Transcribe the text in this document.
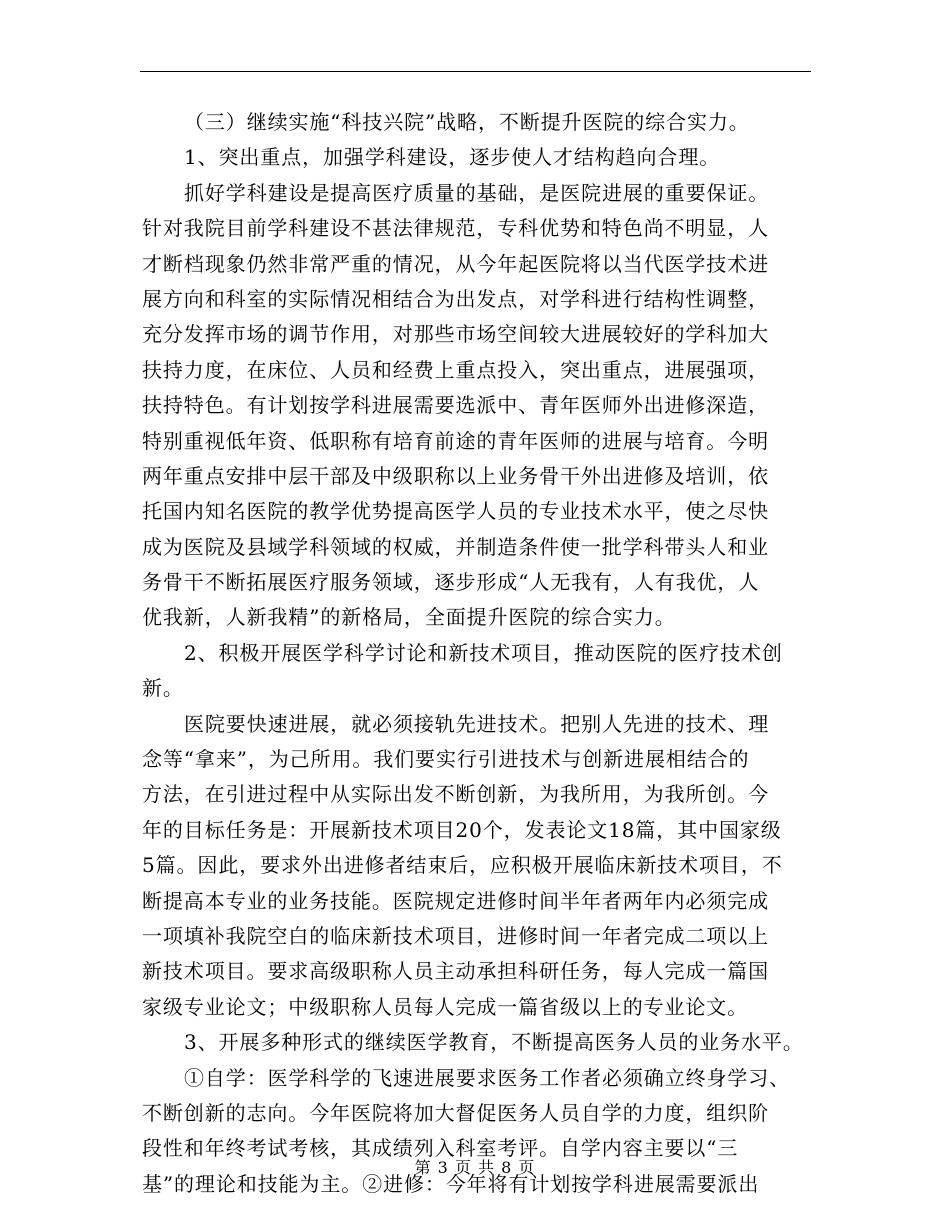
（三）继续实施“科技兴院”战略，不断提升医院的综合实力。
1、突出重点，加强学科建设，逐步使人才结构趋向合理。
抓好学科建设是提高医疗质量的基础，是医院进展的重要保证。
针对我院目前学科建设不甚法律规范，专科优势和特色尚不明显，人
才断档现象仍然非常严重的情况，从今年起医院将以当代医学技术进
展方向和科室的实际情况相结合为出发点，对学科进行结构性调整，
充分发挥市场的调节作用，对那些市场空间较大进展较好的学科加大
扶持力度，在床位、人员和经费上重点投入，突出重点，进展强项，
扶持特色。有计划按学科进展需要选派中、青年医师外出进修深造，
特别重视低年资、低职称有培育前途的青年医师的进展与培育。今明
两年重点安排中层干部及中级职称以上业务骨干外出进修及培训，依
托国内知名医院的教学优势提高医学人员的专业技术水平，使之尽快
成为医院及县域学科领域的权威，并制造条件使一批学科带头人和业
务骨干不断拓展医疗服务领域，逐步形成“人无我有，人有我优，人
优我新，人新我精”的新格局，全面提升医院的综合实力。
2、积极开展医学科学讨论和新技术项目，推动医院的医疗技术创
新。
医院要快速进展，就必须接轨先进技术。把别人先进的技术、理
念等“拿来”，为己所用。我们要实行引进技术与创新进展相结合的
方法，在引进过程中从实际出发不断创新，为我所用，为我所创。今
年的目标任务是：开展新技术项目20个，发表论文18篇，其中国家级
5篇。因此，要求外出进修者结束后，应积极开展临床新技术项目，不
断提高本专业的业务技能。医院规定进修时间半年者两年内必须完成
一项填补我院空白的临床新技术项目，进修时间一年者完成二项以上
新技术项目。要求高级职称人员主动承担科研任务，每人完成一篇国
家级专业论文；中级职称人员每人完成一篇省级以上的专业论文。
3、开展多种形式的继续医学教育，不断提高医务人员的业务水平。
①自学：医学科学的飞速进展要求医务工作者必须确立终身学习、
不断创新的志向。今年医院将加大督促医务人员自学的力度，组织阶
段性和年终考试考核，其成绩列入科室考评。自学内容主要以“三
基”的理论和技能为主。②进修：今年将有计划按学科进展需要派出
第 3 页 共 8 页
